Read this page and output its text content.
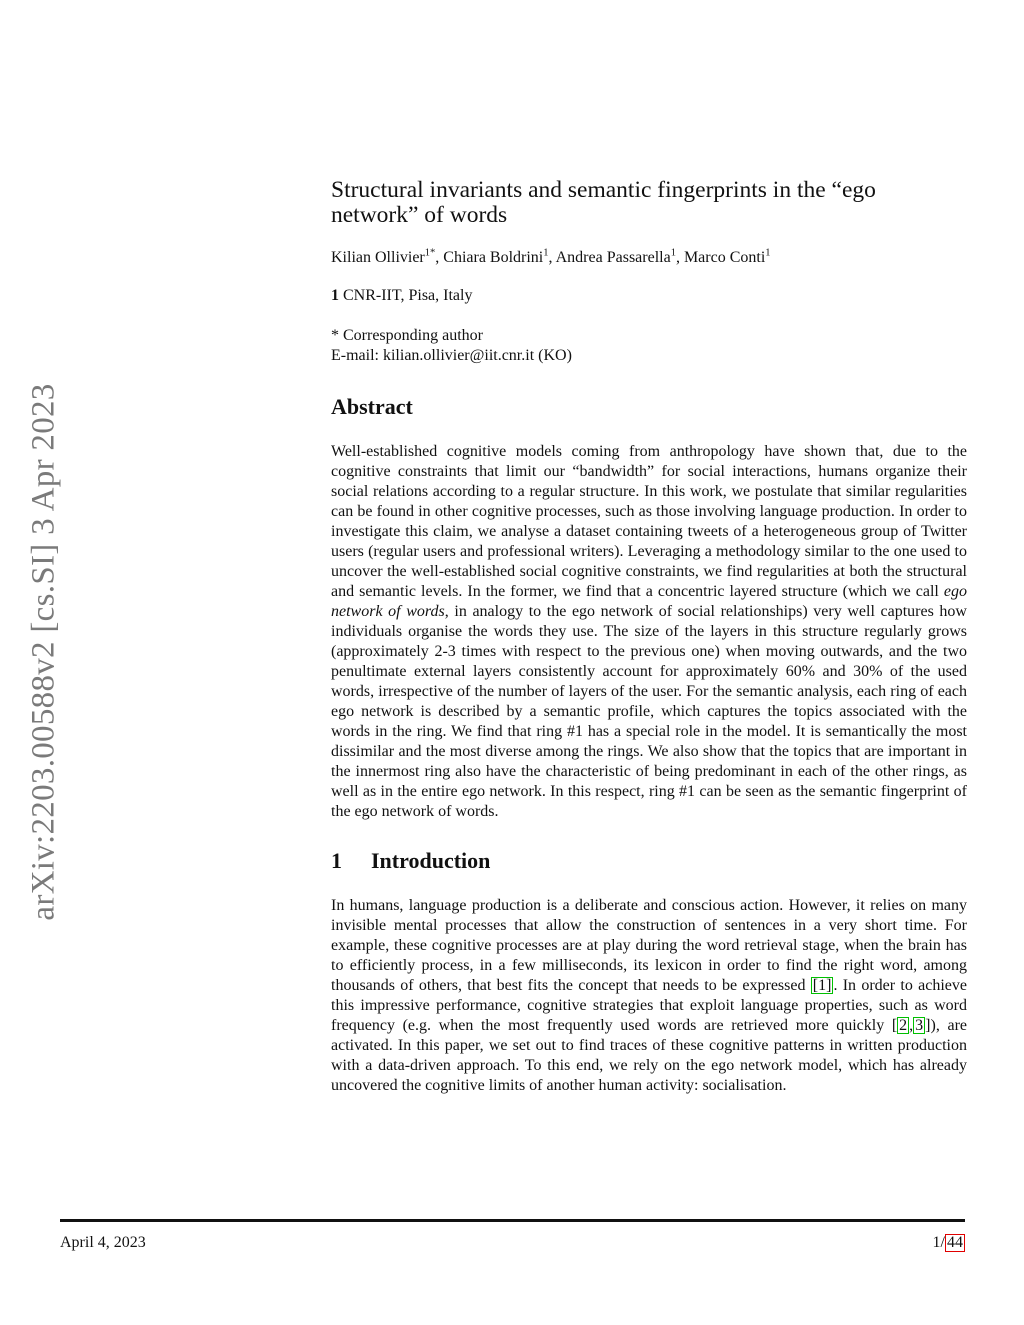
arXiv:2203.00588v2 [cs.SI] 3 Apr 2023
Structural invariants and semantic fingerprints in the “ego network” of words
Kilian Ollivier$^{1*}$, Chiara Boldrini$^1$, Andrea Passarella$^1$, Marco Conti$^1$
1 CNR-IIT, Pisa, Italy
* Corresponding author
E-mail: kilian.ollivier@iit.cnr.it (KO)
Abstract

Well-established cognitive models coming from anthropology have shown that, due to the cognitive constraints that limit our “bandwidth” for social interactions, humans organize their social relations according to a regular structure. In this work, we postulate that similar regularities can be found in other cognitive processes, such as those involving language production. In order to investigate this claim, we analyse a dataset containing tweets of a heterogeneous group of Twitter users (regular users and professional writers). Leveraging a methodology similar to the one used to uncover the well-established social cognitive constraints, we find regularities at both the structural and semantic levels. In the former, we find that a concentric layered structure (which we call ego network of words, in analogy to the ego network of social relationships) very well captures how individuals organise the words they use. The size of the layers in this structure regularly grows (approximately 2-3 times with respect to the previous one) when moving outwards, and the two penultimate external layers consistently account for approximately 60% and 30% of the used words, irrespective of the number of layers of the user. For the semantic analysis, each ring of each ego network is described by a semantic profile, which captures the topics associated with the words in the ring. We find that ring #1 has a special role in the model. It is semantically the most dissimilar and the most diverse among the rings. We also show that the topics that are important in the innermost ring also have the characteristic of being predominant in each of the other rings, as well as in the entire ego network. In this respect, ring #1 can be seen as the semantic fingerprint of the ego network of words.

1 Introduction

In humans, language production is a deliberate and conscious action. However, it relies on many invisible mental processes that allow the construction of sentences in a very short time. For example, these cognitive processes are at play during the word retrieval stage, when the brain has to efficiently process, in a few milliseconds, its lexicon in order to find the right word, among thousands of others, that best fits the concept that needs to be expressed [1] . In order to achieve this impressive performance, cognitive strategies that exploit language properties, such as word frequency (e.g. when the most frequently used words are retrieved more quickly [ 2 , 3 ]), are activated. In this paper, we set out to find traces of these cognitive patterns in written production with a data-driven approach. To this end, we rely on the ego network model, which has already uncovered the cognitive limits of another human activity: socialisation.

April 4, 2023	1/ 44
